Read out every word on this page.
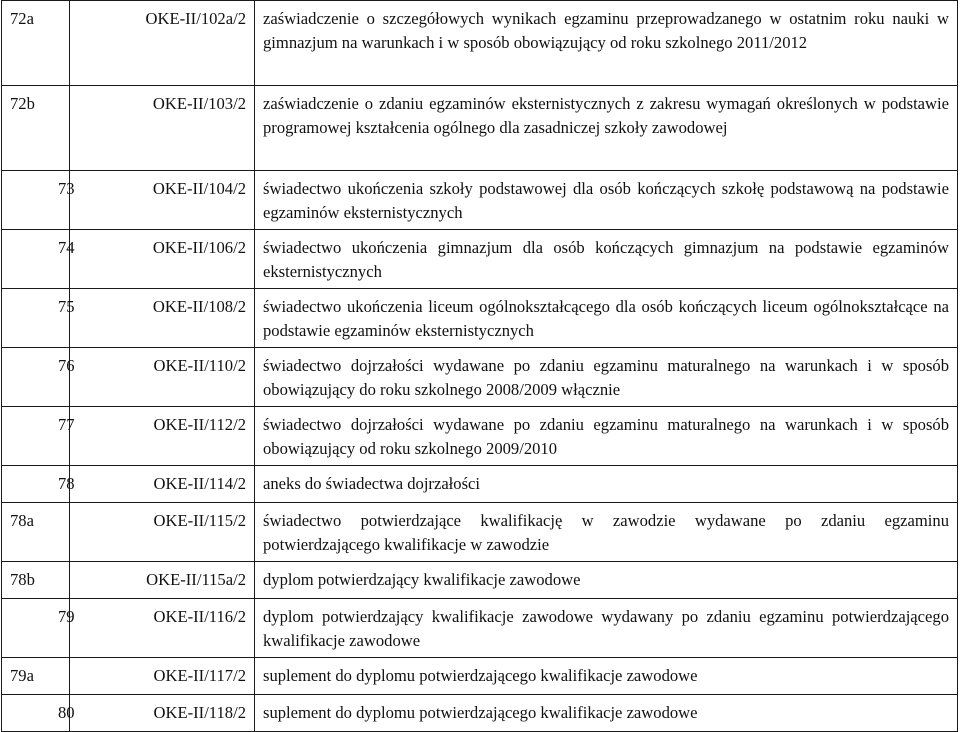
72a	OKE-II/102a/2	zaświadczenie o szczegółowych wynikach egzaminu przeprowadzanego w ostatnim roku nauki w gimnazjum na warunkach i w sposób obowiązujący od roku szkolnego 2011/2012
72b	OKE-II/103/2	zaświadczenie o zdaniu egzaminów eksternistycznych z zakresu wymagań określonych w podstawie programowej kształcenia ogólnego dla zasadniczej szkoły zawodowej
73	OKE-II/104/2	świadectwo ukończenia szkoły podstawowej dla osób kończących szkołę podstawową na podstawie egzaminów eksternistycznych
74	OKE-II/106/2	świadectwo ukończenia gimnazjum dla osób kończących gimnazjum na podstawie egzaminów eksternistycznych
75	OKE-II/108/2	świadectwo ukończenia liceum ogólnokształcącego dla osób kończących liceum ogólnokształcące na podstawie egzaminów eksternistycznych
76	OKE-II/110/2	świadectwo dojrzałości wydawane po zdaniu egzaminu maturalnego na warunkach i w sposób obowiązujący do roku szkolnego 2008/2009 włącznie
77	OKE-II/112/2	świadectwo dojrzałości wydawane po zdaniu egzaminu maturalnego na warunkach i w sposób obowiązujący od roku szkolnego 2009/2010
78	OKE-II/114/2	aneks do świadectwa dojrzałości
78a	OKE-II/115/2	świadectwo potwierdzające kwalifikację w zawodzie wydawane po zdaniu egzaminu potwierdzającego kwalifikacje w zawodzie
78b	OKE-II/115a/2	dyplom potwierdzający kwalifikacje zawodowe
79	OKE-II/116/2	dyplom potwierdzający kwalifikacje zawodowe wydawany po zdaniu egzaminu potwierdzającego kwalifikacje zawodowe
79a	OKE-II/117/2	suplement do dyplomu potwierdzającego kwalifikacje zawodowe
80	OKE-II/118/2	suplement do dyplomu potwierdzającego kwalifikacje zawodowe
